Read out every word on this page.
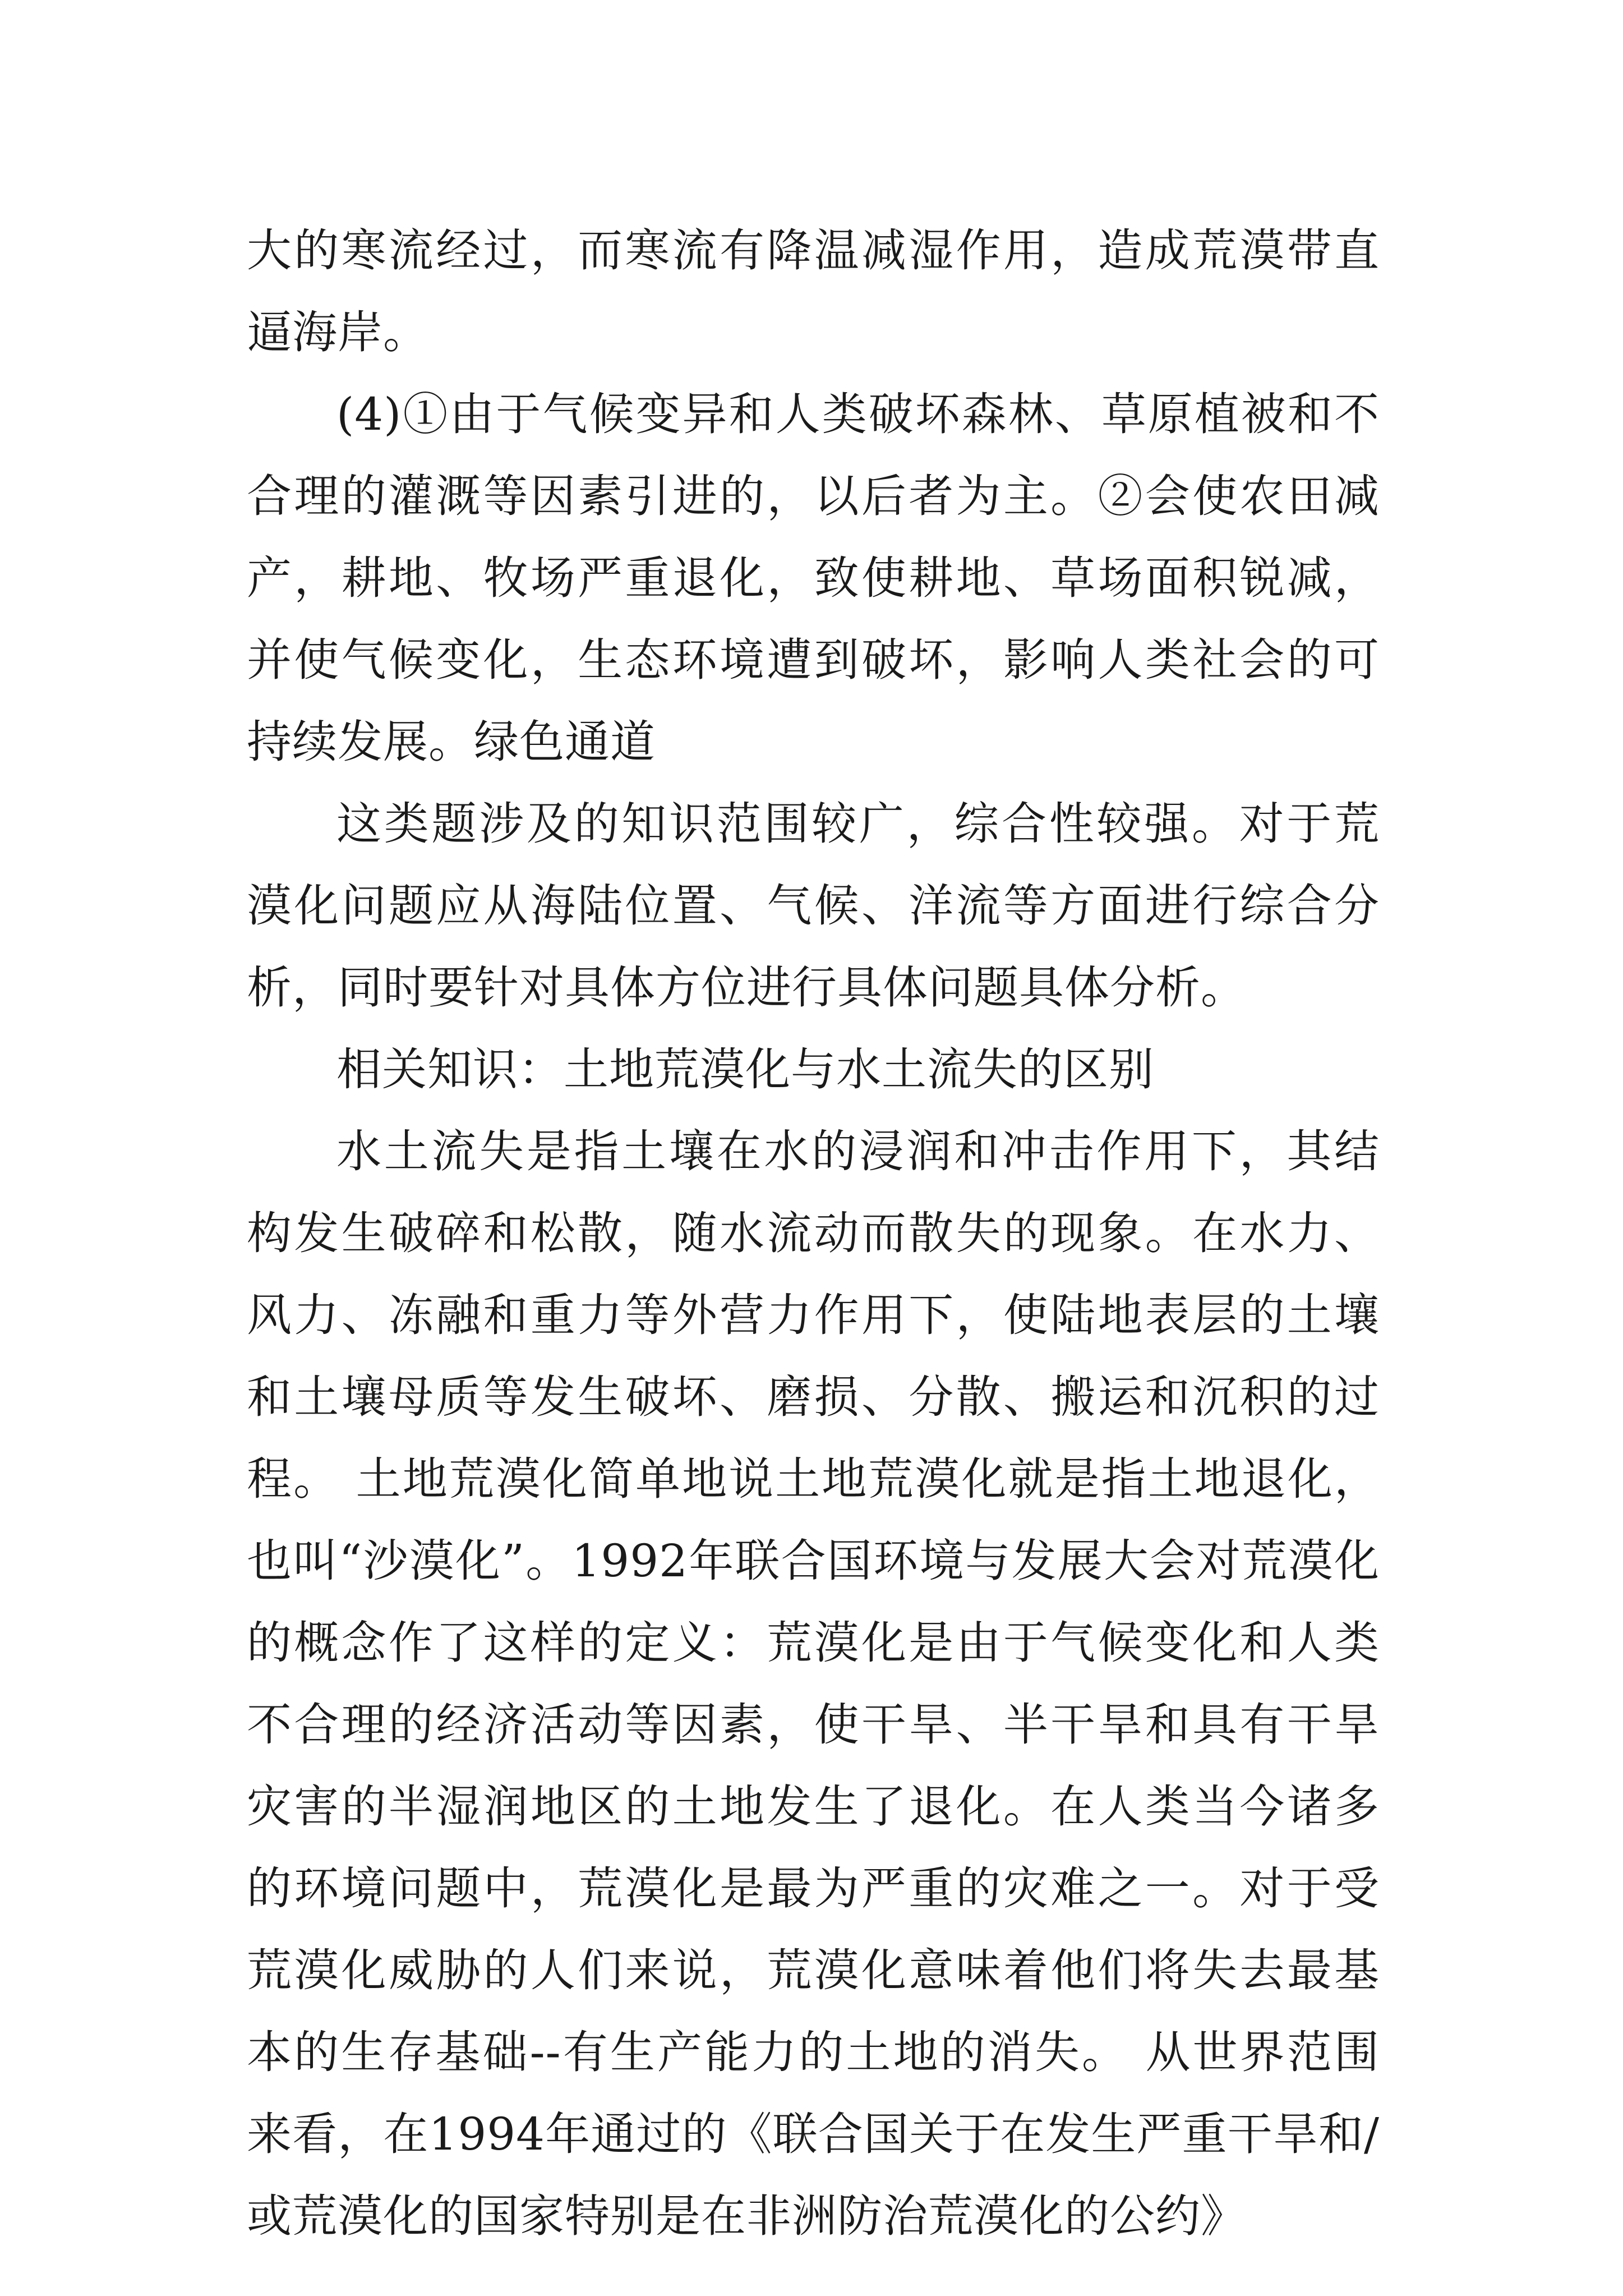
大的寒流经过，而寒流有降温减湿作用，造成荒漠带直逼海岸。

(4)①由于气候变异和人类破坏森林、草原植被和不合理的灌溉等因素引进的，以后者为主。②会使农田减产，耕地、牧场严重退化，致使耕地、草场面积锐减，并使气候变化，生态环境遭到破坏，影响人类社会的可持续发展。绿色通道

这类题涉及的知识范围较广，综合性较强。对于荒漠化问题应从海陆位置、气候、洋流等方面进行综合分析，同时要针对具体方位进行具体问题具体分析。

相关知识：土地荒漠化与水土流失的区别

水土流失是指土壤在水的浸润和冲击作用下，其结构发生破碎和松散，随水流动而散失的现象。在水力、风力、冻融和重力等外营力作用下，使陆地表层的土壤和土壤母质等发生破坏、磨损、分散、搬运和沉积的过程。 土地荒漠化简单地说土地荒漠化就是指土地退化，也叫“沙漠化”。1992年联合国环境与发展大会对荒漠化的概念作了这样的定义：荒漠化是由于气候变化和人类不合理的经济活动等因素，使干旱、半干旱和具有干旱灾害的半湿润地区的土地发生了退化。在人类当今诸多的环境问题中，荒漠化是最为严重的灾难之一。对于受荒漠化威胁的人们来说，荒漠化意味着他们将失去最基本的生存基础--有生产能力的土地的消失。 从世界范围来看，在1994年通过的《联合国关于在发生严重干旱和/或荒漠化的国家特别是在非洲防治荒漠化的公约》
